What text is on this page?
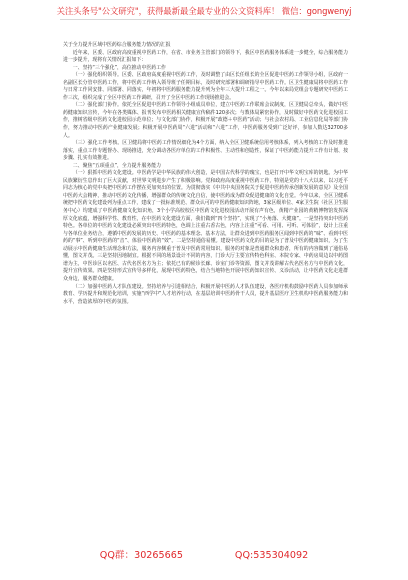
关注头条号"公文研究"，获得最新最全最专业的公文资料库！ 微信：gongwenyj

关于全力提升区域中医药综合服务能力情况的汇报

近年来，区委、区政府高度重视中医药工作，在省、市业务主管部门的领导下，我区中医药服务体系进一步健全，综合服务能力进一步提升，现将有关情况汇报如下：

一、坚持“三个强化”，高位推动中医药工作

（一）强化组织领导。区委、区政府高度重视中医药工作，及时调整了由区长任组长的全区促进中医药工作领导小组，区政府一名副区长分管中医药工作，将中医药工作纳入领导班子任期目标，及时研究部署和调研指导中医药工作。区卫生健康局将中医药工作与日常工作同安排、同部署、同落实，年初将中医药服务能力提升列为全年三大提升工程之一。今年以来局党组会专题研究中医药工作三次，组织完成了全区中医药工作调研，召开了全区中医药工作现场推进会。

（二）强化部门协作。依托全区促进中医药工作领导小组成员单位，建立中医药工作联席会议制度，区卫健局总牵头，做好中医药健康知识宣传，今年在各类媒体、报刊发布中医药相关健康宣传稿件120多次；与教体局紧密协作，及时做好中医药文化进校园工作，推树省级中医药文化进校园示范单位；与文化部门协作，积极开展“政德＋中医药”活动；与社会农村局、工业信息化局等部门协作，努力推动中医药产业健康发展；积极开展中医药周“六进”活动和“六进”工作，中医药服务受到广泛好评，参加人数达32700多人。

（三）强化工作考核。区卫健局将中医药工作情况细化为4个方面，纳入全区卫健系统信用考核体系，列入考核的工作及时推进落实，重点工作专题督办、现场推进，充分调动各医疗单位的工作积极性、主动性和创造性，保证了中医药能力提升工作有计划、按步骤、扎实有效推进。

二、聚焦“五项重点”，全力提升服务能力

（一）狠抓中医药文化建设。中医药学是中华民族的伟大创造，是中国古代科学的瑰宝，也是打开中华文明宝库的钥匙。为中华民族繁衍生息作出了巨大贡献，对世界文明进步产生了积极影响。党和政府高度重视中医药工作，特别是党的十八大以来，以习近平同志为核心的党中央把中医药工作摆在更加突出的位置。为贯彻落实《中共中央国务院关于促进中医药传承创新发展的意见》及全国中医药大会精神，推动中医药文化传播，增强群众的传统文化自信，使中医药成为群众促进健康的文化自觉。今年以来，全区卫健系统把中医药文化建设列为重点工作，建成了一批标准规范、群众认可的中医药健康知识阵地，3家区级单位、4家卫生院（社区卫生服务中心）均建成了中医药健康文化知识角，3个小学高校校区中医药文化进校园活动开展有声有色，黄精产业园的黄精博物馆发挥深厚文化底蕴，增强科学性、教育性，在中医药文化建设方面，我们做到“四个坚持”，实现了“小角落、大健康”。一是坚持突出中医药特色。各单位的中医药文化建设必须突出中医药特色，色调上注重古香古色，内容上注重“可看、可用、可听、可体验”，设计上注重与各单位业务结合，遵循中医药发展的历史、中医药的基本理念、基本方法，让群众进到中医药服务区闻到中医药的“味”、看到中医药的“事”、听到中医药的“音”、体验中医药的“效”。二是坚持通俗易懂。建设中医药文化的目的是为了普及中医药健康知识，为了生动展示中医药健康生活理念和方法，服务内容侧重于普及中医药常用知识，服务的对象是普通群众和患者，所有的内容做到了通俗易懂，图文并茂。三是坚持因地制宜。根据不同的场景设计不同的内容，门诊大厅主要宣传特色科室、本院专家、中药房周边以中药图谱为主，中医诊区以名医、古代名医名方为主；依托已有的候诊长廊、诊室门诊等资源，图文并茂讲解古代名医名方与中医药文化，提升宣传效果。四是坚持形式宣传导多样化，展现中医药特色，结合当地特色开展中医药知识宣传、义诊活动，让中医药文化走进群众身边，服务群众健康。

（二）加强中医药人才队伍建设。坚持培养与引进相结合，积极开展中医药人才队伍建设，各医疗机构鼓励中医药人员参加师承教育、学历提升和规范化培训，实施“西学中”人才培养行动，在基层培训中医药骨干人员，提升基层医疗卫生机构中医药服务能力和水平，营造浓厚的中医药氛围。

QQ群：30265665	QQ:535304092
